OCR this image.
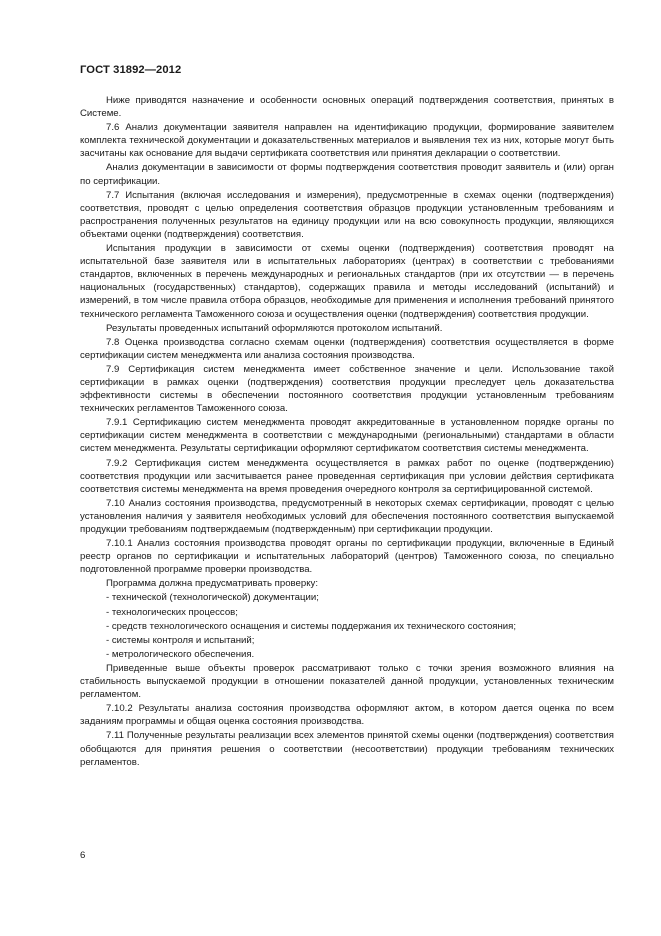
ГОСТ 31892—2012

Ниже приводятся назначение и особенности основных операций подтверждения соответствия, принятых в Системе.

7.6 Анализ документации заявителя направлен на идентификацию продукции, формирование заявителем комплекта технической документации и доказательственных материалов и выявления тех из них, которые могут быть засчитаны как основание для выдачи сертификата соответствия или принятия декларации о соответствии.

Анализ документации в зависимости от формы подтверждения соответствия проводит заявитель и (или) орган по сертификации.

7.7 Испытания (включая исследования и измерения), предусмотренные в схемах оценки (подтверждения) соответствия, проводят с целью определения соответствия образцов продукции установленным требованиям и распространения полученных результатов на единицу продукции или на всю совокупность продукции, являющихся объектами оценки (подтверждения) соответствия.

Испытания продукции в зависимости от схемы оценки (подтверждения) соответствия проводят на испытательной базе заявителя или в испытательных лабораториях (центрах) в соответствии с требованиями стандартов, включенных в перечень международных и региональных стандартов (при их отсутствии — в перечень национальных (государственных) стандартов), содержащих правила и методы исследований (испытаний) и измерений, в том числе правила отбора образцов, необходимые для применения и исполнения требований принятого технического регламента Таможенного союза и осуществления оценки (подтверждения) соответствия продукции.

Результаты проведенных испытаний оформляются протоколом испытаний.

7.8 Оценка производства согласно схемам оценки (подтверждения) соответствия осуществляется в форме сертификации систем менеджмента или анализа состояния производства.

7.9 Сертификация систем менеджмента имеет собственное значение и цели. Использование такой сертификации в рамках оценки (подтверждения) соответствия продукции преследует цель доказательства эффективности системы в обеспечении постоянного соответствия продукции установленным требованиям технических регламентов Таможенного союза.

7.9.1 Сертификацию систем менеджмента проводят аккредитованные в установленном порядке органы по сертификации систем менеджмента в соответствии с международными (региональными) стандартами в области систем менеджмента. Результаты сертификации оформляют сертификатом соответствия системы менеджмента.

7.9.2 Сертификация систем менеджмента осуществляется в рамках работ по оценке (подтверждению) соответствия продукции или засчитывается ранее проведенная сертификация при условии действия сертификата соответствия системы менеджмента на время проведения очередного контроля за сертифицированной системой.

7.10 Анализ состояния производства, предусмотренный в некоторых схемах сертификации, проводят с целью установления наличия у заявителя необходимых условий для обеспечения постоянного соответствия выпускаемой продукции требованиям подтверждаемым (подтвержденным) при сертификации продукции.

7.10.1 Анализ состояния производства проводят органы по сертификации продукции, включенные в Единый реестр органов по сертификации и испытательных лабораторий (центров) Таможенного союза, по специально подготовленной программе проверки производства.

Программа должна предусматривать проверку:

- технической (технологической) документации;

- технологических процессов;

- средств технологического оснащения и системы поддержания их технического состояния;

- системы контроля и испытаний;

- метрологического обеспечения.

Приведенные выше объекты проверок рассматривают только с точки зрения возможного влияния на стабильность выпускаемой продукции в отношении показателей данной продукции, установленных техническим регламентом.

7.10.2 Результаты анализа состояния производства оформляют актом, в котором дается оценка по всем заданиям программы и общая оценка состояния производства.

7.11 Полученные результаты реализации всех элементов принятой схемы оценки (подтверждения) соответствия обобщаются для принятия решения о соответствии (несоответствии) продукции требованиям технических регламентов.

6
